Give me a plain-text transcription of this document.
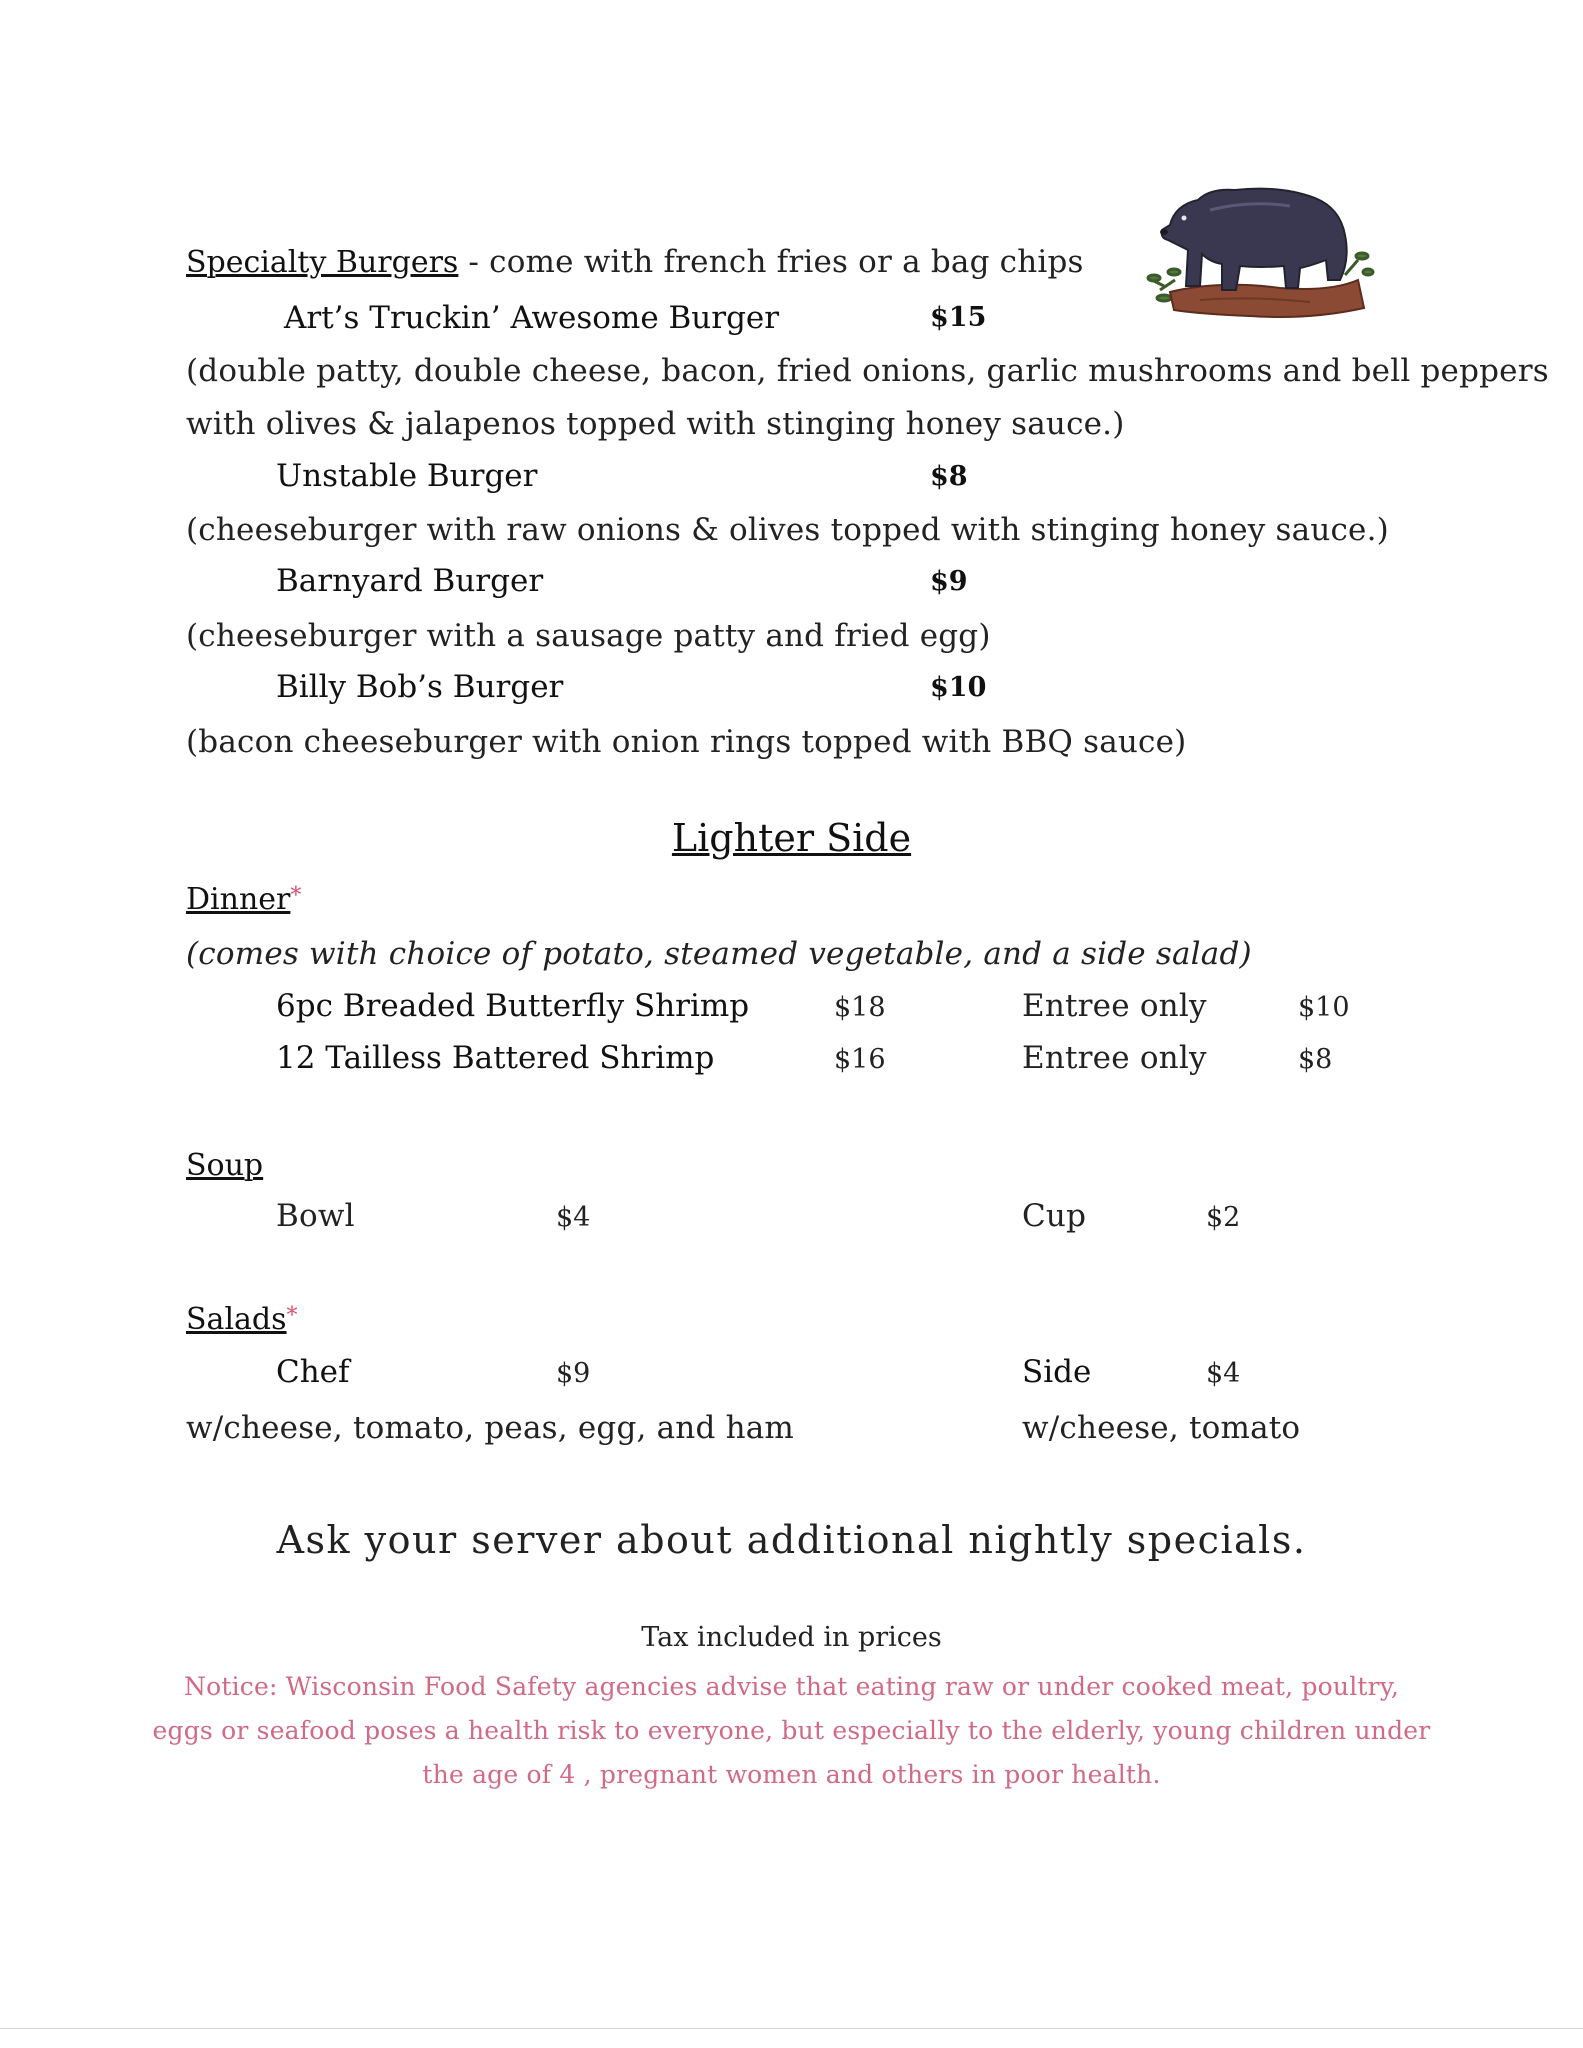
Specialty Burgers - come with french fries or a bag chips
Art’s Truckin’ Awesome Burger	$15
(double patty, double cheese, bacon, fried onions, garlic mushrooms and bell peppers
with olives & jalapenos topped with stinging honey sauce.)
Unstable Burger	$8
(cheeseburger with raw onions & olives topped with stinging honey sauce.)
Barnyard Burger	$9
(cheeseburger with a sausage patty and fried egg)
Billy Bob’s Burger	$10
(bacon cheeseburger with onion rings topped with BBQ sauce)
Lighter Side
Dinner*
(comes with choice of potato, steamed vegetable, and a side salad)
6pc Breaded Butterfly Shrimp	$18	Entree only	$10
12 Tailless Battered Shrimp	$16	Entree only	$8
Soup
Bowl	$4	Cup	$2
Salads*
Chef	$9	Side	$4
w/cheese, tomato, peas, egg, and ham	w/cheese, tomato
Ask your server about additional nightly specials.
Tax included in prices
Notice: Wisconsin Food Safety agencies advise that eating raw or under cooked meat, poultry,
eggs or seafood poses a health risk to everyone, but especially to the elderly, young children under
the age of 4 , pregnant women and others in poor health.
